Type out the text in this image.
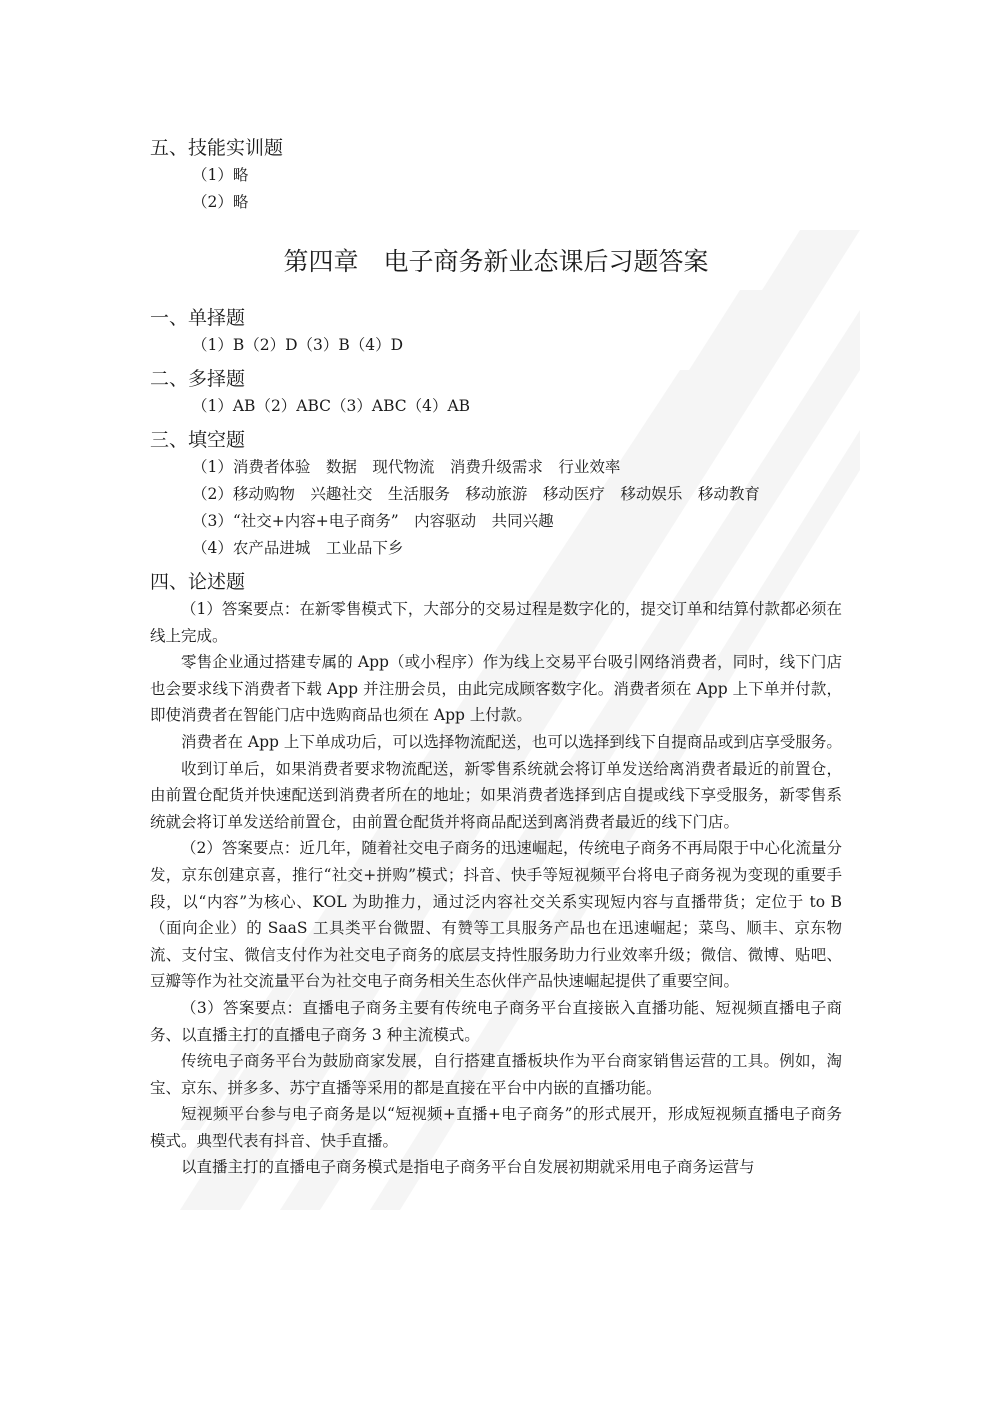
五、技能实训题
（1）略
（2）略
第四章　电子商务新业态课后习题答案
一、单择题
（1）B（2）D（3）B（4）D
二、多择题
（1）AB（2）ABC（3）ABC（4）AB
三、填空题
（1）消费者体验　数据　现代物流　消费升级需求　行业效率
（2）移动购物　兴趣社交　生活服务　移动旅游　移动医疗　移动娱乐　移动教育
（3）“社交+内容+电子商务”　内容驱动　共同兴趣
（4）农产品进城　工业品下乡
四、论述题

（1）答案要点：在新零售模式下，大部分的交易过程是数字化的，提交订单和结算付款都必须在线上完成。

零售企业通过搭建专属的 App（或小程序）作为线上交易平台吸引网络消费者，同时，线下门店也会要求线下消费者下载 App 并注册会员，由此完成顾客数字化。消费者须在 App 上下单并付款，即使消费者在智能门店中选购商品也须在 App 上付款。

消费者在 App 上下单成功后，可以选择物流配送，也可以选择到线下自提商品或到店享受服务。

收到订单后，如果消费者要求物流配送，新零售系统就会将订单发送给离消费者最近的前置仓，由前置仓配货并快速配送到消费者所在的地址；如果消费者选择到店自提或线下享受服务，新零售系统就会将订单发送给前置仓，由前置仓配货并将商品配送到离消费者最近的线下门店。

（2）答案要点：近几年，随着社交电子商务的迅速崛起，传统电子商务不再局限于中心化流量分发，京东创建京喜，推行“社交+拼购”模式；抖音、快手等短视频平台将电子商务视为变现的重要手段，以“内容”为核心、KOL 为助推力，通过泛内容社交关系实现短内容与直播带货；定位于 to B（面向企业）的 SaaS 工具类平台微盟、有赞等工具服务产品也在迅速崛起；菜鸟、顺丰、京东物流、支付宝、微信支付作为社交电子商务的底层支持性服务助力行业效率升级；微信、微博、贴吧、豆瓣等作为社交流量平台为社交电子商务相关生态伙伴产品快速崛起提供了重要空间。

（3）答案要点：直播电子商务主要有传统电子商务平台直接嵌入直播功能、短视频直播电子商务、以直播主打的直播电子商务 3 种主流模式。

传统电子商务平台为鼓励商家发展，自行搭建直播板块作为平台商家销售运营的工具。例如，淘宝、京东、拼多多、苏宁直播等采用的都是直接在平台中内嵌的直播功能。

短视频平台参与电子商务是以“短视频+直播+电子商务”的形式展开，形成短视频直播电子商务模式。典型代表有抖音、快手直播。

以直播主打的直播电子商务模式是指电子商务平台自发展初期就采用电子商务运营与
